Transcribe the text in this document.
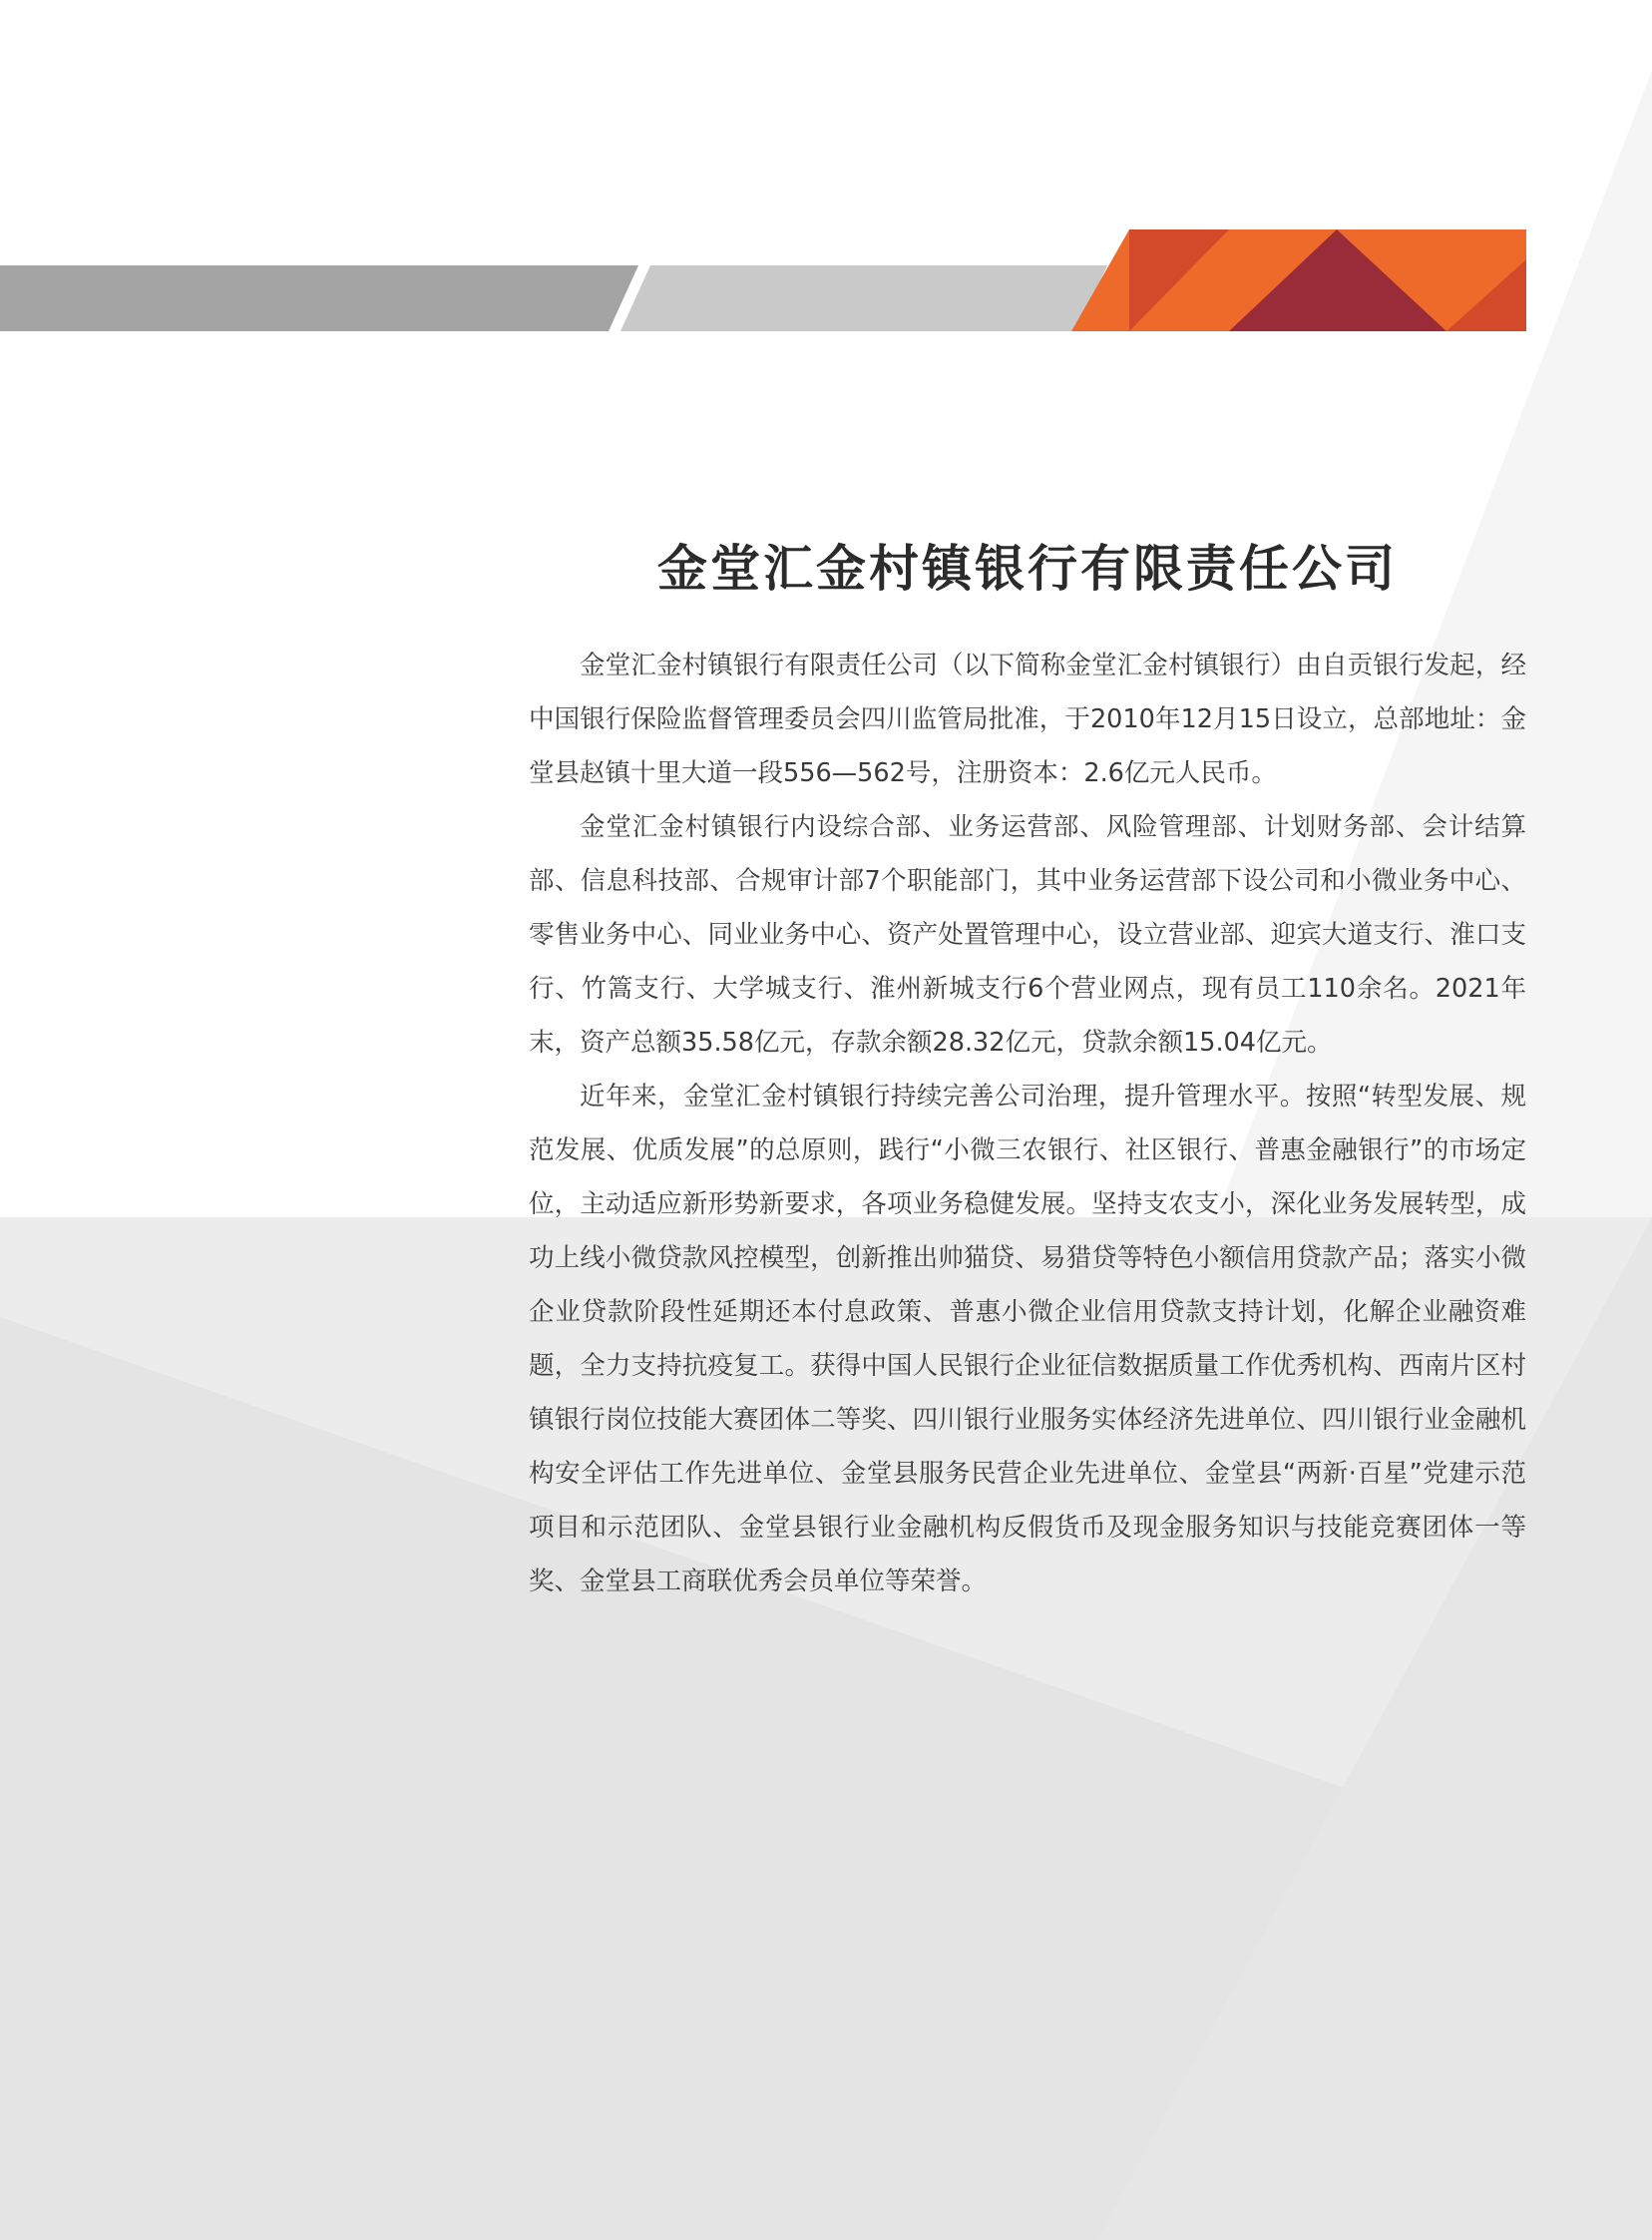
金堂汇金村镇银行有限责任公司

金堂汇金村镇银行有限责任公司（以下简称金堂汇金村镇银行）由自贡银行发起，经中国银行保险监督管理委员会四川监管局批准，于2010年12月15日设立，总部地址：金堂县赵镇十里大道一段556—562号，注册资本：2.6亿元人民币。

金堂汇金村镇银行内设综合部、业务运营部、风险管理部、计划财务部、会计结算部、信息科技部、合规审计部7个职能部门，其中业务运营部下设公司和小微业务中心、零售业务中心、同业业务中心、资产处置管理中心，设立营业部、迎宾大道支行、淮口支行、竹篙支行、大学城支行、淮州新城支行6个营业网点，现有员工110余名。2021年末，资产总额35.58亿元，存款余额28.32亿元，贷款余额15.04亿元。

近年来，金堂汇金村镇银行持续完善公司治理，提升管理水平。按照“转型发展、规范发展、优质发展”的总原则，践行“小微三农银行、社区银行、普惠金融银行”的市场定位，主动适应新形势新要求，各项业务稳健发展。坚持支农支小，深化业务发展转型，成功上线小微贷款风控模型，创新推出帅猫贷、易猎贷等特色小额信用贷款产品；落实小微企业贷款阶段性延期还本付息政策、普惠小微企业信用贷款支持计划，化解企业融资难题，全力支持抗疫复工。获得中国人民银行企业征信数据质量工作优秀机构、西南片区村镇银行岗位技能大赛团体二等奖、四川银行业服务实体经济先进单位、四川银行业金融机构安全评估工作先进单位、金堂县服务民营企业先进单位、金堂县“两新·百星”党建示范项目和示范团队、金堂县银行业金融机构反假货币及现金服务知识与技能竞赛团体一等奖、金堂县工商联优秀会员单位等荣誉。
